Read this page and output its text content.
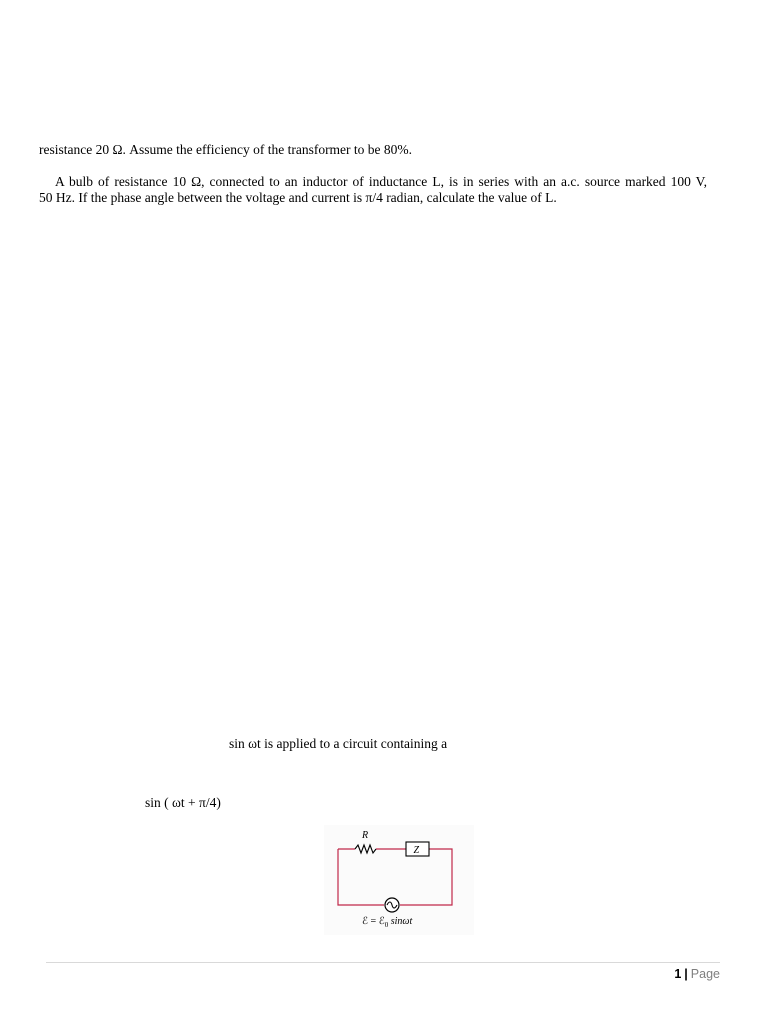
resistance 20 Ω. Assume the efficiency of the transformer to be 80%.
A bulb of resistance 10 Ω, connected to an inductor of inductance L, is in series with an a.c. source marked 100 V,
50 Hz. If the phase angle between the voltage and current is π/4 radian, calculate the value of L.
sin ωt is applied to a circuit containing a
sin ( ωt + π/4)
R
Z
ℰ = ℰ$_0$ sinωt
1 | Page
